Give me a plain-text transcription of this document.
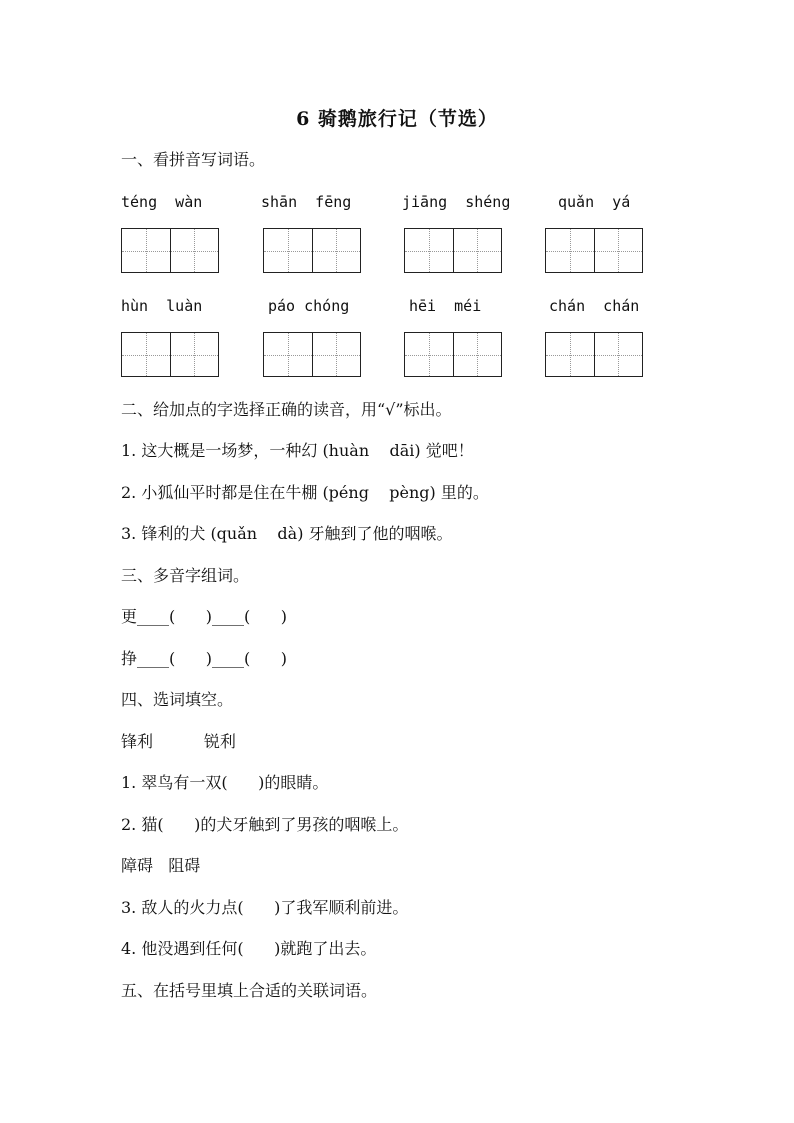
6 骑鹅旅行记（节选）
一、看拼音写词语。
téng  wàn	shān  fēng	jiāng  shéng	quǎn  yá
hùn  luàn	páo chóng	hēi  méi	chán  chán
二、给加点的字选择正确的读音，用“√”标出。
1. 这大概是一场梦，一种幻 (huàn    dāi) 觉吧！
2. 小狐仙平时都是住在牛棚 (péng    pèng) 里的。
3. 锋利的犬 (quǎn    dà) 牙触到了他的咽喉。
三、多音字组词。
更____(      )____(      )
挣____(      )____(      )
四、选词填空。
锋利          锐利
1. 翠鸟有一双(      )的眼睛。
2. 猫(      )的犬牙触到了男孩的咽喉上。
障碍   阻碍
3. 敌人的火力点(      )了我军顺利前进。
4. 他没遇到任何(      )就跑了出去。
五、在括号里填上合适的关联词语。
